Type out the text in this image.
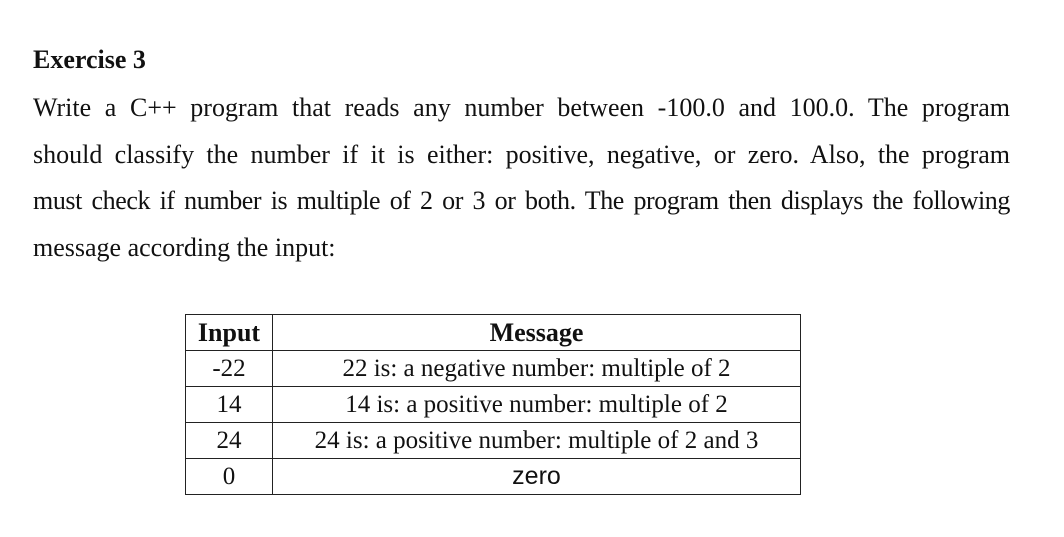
Exercise 3
Write a C++ program that reads any number between -100.0 and 100.0. The program
should classify the number if it is either: positive, negative, or zero. Also, the program
must check if number is multiple of 2 or 3 or both. The program then displays the following
message according the input:
Input	Message
-22	22 is: a negative number: multiple of 2
14	14 is: a positive number: multiple of 2
24	24 is: a positive number: multiple of 2 and 3
0	zero
